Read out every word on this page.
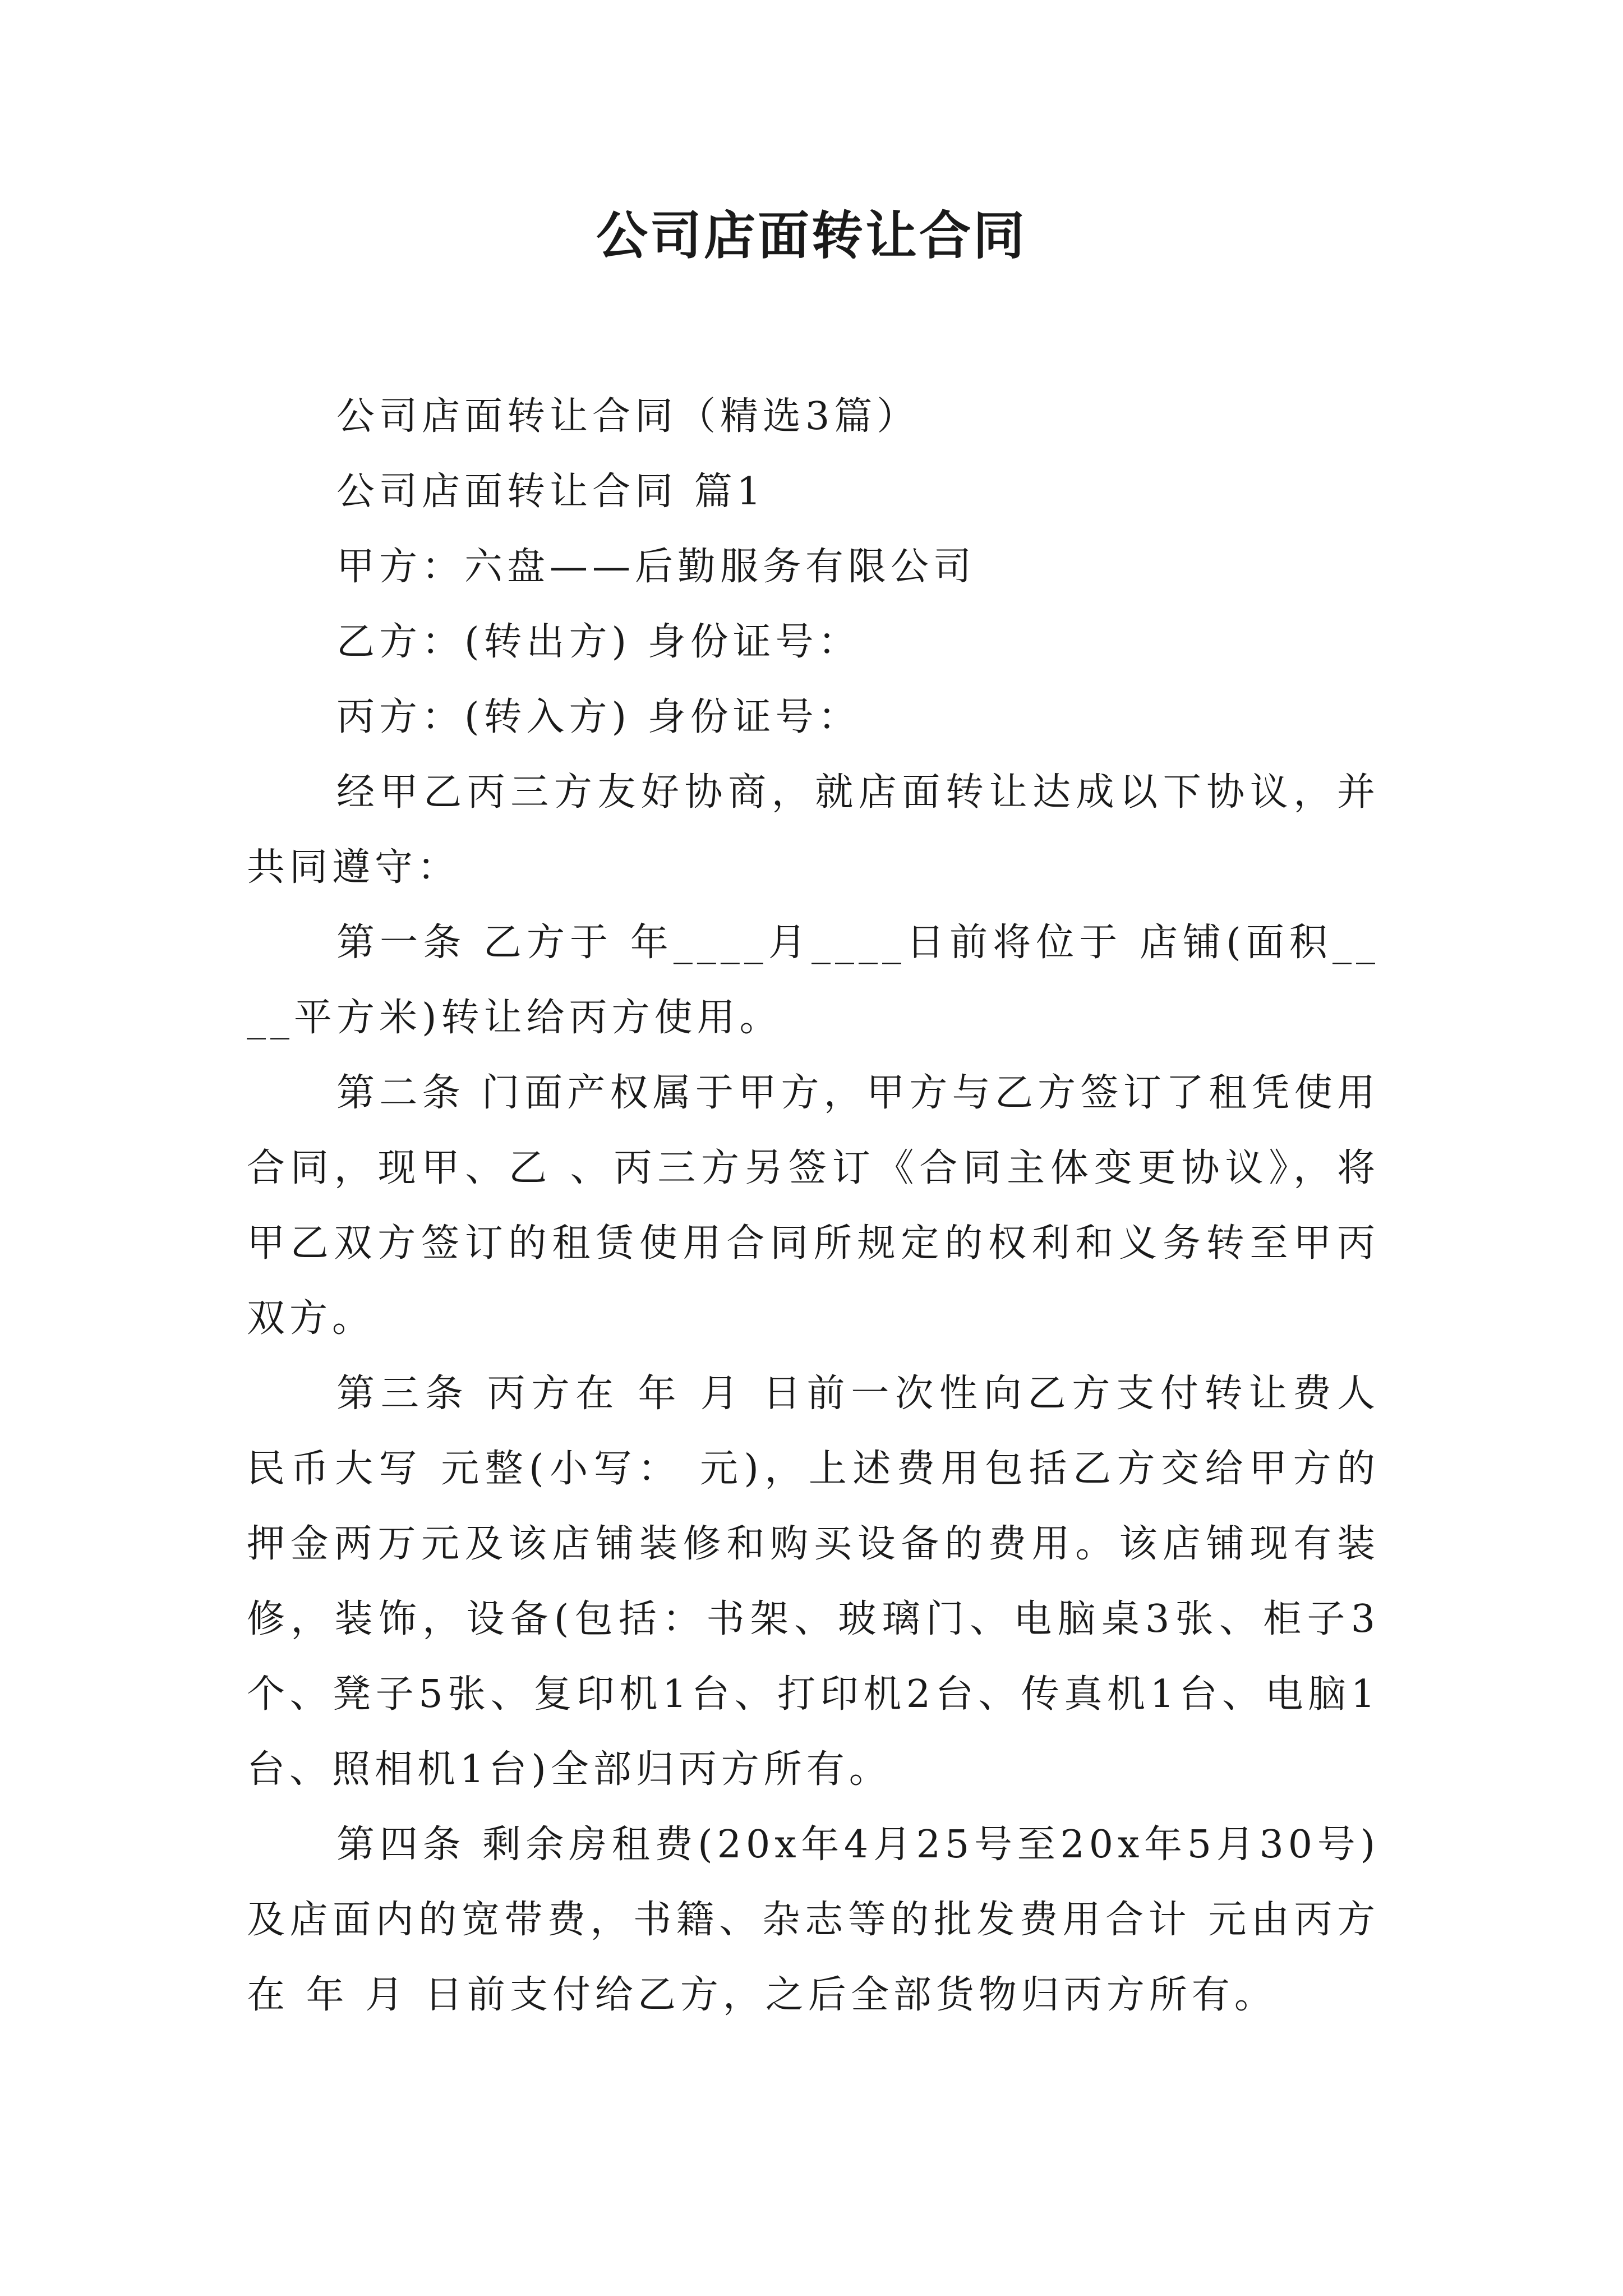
公司店面转让合同

公司店面转让合同（精选3篇）

公司店面转让合同 篇1

甲方：六盘——后勤服务有限公司

乙方：(转出方) 身份证号：

丙方：(转入方) 身份证号：

经甲乙丙三方友好协商，就店面转让达成以下协议，并共同遵守：

第一条 乙方于 年____月____日前将位于 店铺(面积____平方米)转让给丙方使用。

第二条 门面产权属于甲方，甲方与乙方签订了租凭使用合同，现甲、乙 、丙三方另签订《合同主体变更协议》，将甲乙双方签订的租赁使用合同所规定的权利和义务转至甲丙双方。

第三条 丙方在 年 月 日前一次性向乙方支付转让费人民币大写 元整(小写： 元)，上述费用包括乙方交给甲方的押金两万元及该店铺装修和购买设备的费用。该店铺现有装修，装饰，设备(包括：书架、玻璃门、电脑桌3张、柜子3个、凳子5张、复印机1台、打印机2台、传真机1台、电脑1台、照相机1台)全部归丙方所有。

第四条 剩余房租费(20x年4月25号至20x年5月30号)及店面内的宽带费，书籍、杂志等的批发费用合计 元由丙方在 年 月 日前支付给乙方，之后全部货物归丙方所有。
